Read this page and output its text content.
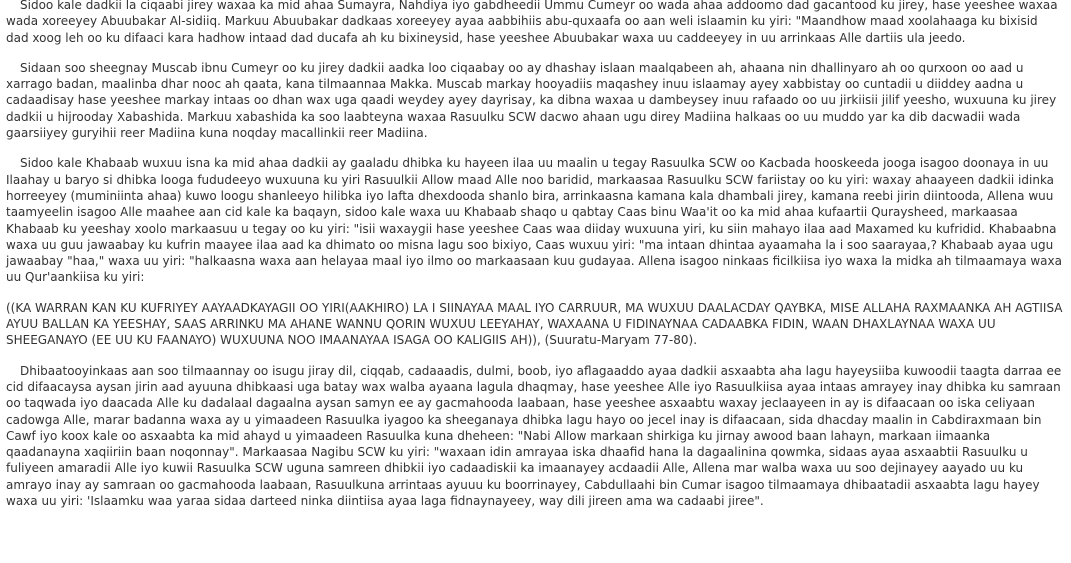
Sidoo kale dadkii la ciqaabi jirey waxaa ka mid ahaa Sumayra, Nahdiya iyo gabdheedii Ummu Cumeyr oo wada ahaa addoomo dad gacantood ku jirey, hase yeeshee waxaa wada xoreeyey Abuubakar Al-sidiiq. Markuu Abuubakar dadkaas xoreeyey ayaa aabbihiis abu-quxaafa oo aan weli islaamin ku yiri: "Maandhow maad xoolahaaga ku bixisid dad xoog leh oo ku difaaci kara hadhow intaad dad ducafa ah ku bixineysid, hase yeeshee Abuubakar waxa uu caddeeyey in uu arrinkaas Alle dartiis ula jeedo.

Sidaan soo sheegnay Muscab ibnu Cumeyr oo ku jirey dadkii aadka loo ciqaabay oo ay dhashay islaan maalqabeen ah, ahaana nin dhallinyaro ah oo qurxoon oo aad u xarrago badan, maalinba dhar nooc ah qaata, kana tilmaannaa Makka. Muscab markay hooyadiis maqashey inuu islaamay ayey xabbistay oo cuntadii u diiddey aadna u cadaadisay hase yeeshee markay intaas oo dhan wax uga qaadi weydey ayey dayrisay, ka dibna waxaa u dambeysey inuu rafaado oo uu jirkiisii jilif yeesho, wuxuuna ku jirey dadkii u hijrooday Xabashida. Markuu xabashida ka soo laabteyna waxaa Rasuulku SCW dacwo ahaan ugu direy Madiina halkaas oo uu muddo yar ka dib dacwadii wada gaarsiiyey guryihii reer Madiina kuna noqday macallinkii reer Madiina.

Sidoo kale Khabaab wuxuu isna ka mid ahaa dadkii ay gaaladu dhibka ku hayeen ilaa uu maalin u tegay Rasuulka SCW oo Kacbada hooskeeda jooga isagoo doonaya in uu Ilaahay u baryo si dhibka looga fududeeyo wuxuuna ku yiri Rasuulkii Allow maad Alle noo baridid, markaasaa Rasuulku SCW fariistay oo ku yiri: waxay ahaayeen dadkii idinka horreeyey (muminiinta ahaa) kuwo loogu shanleeyo hilibka iyo lafta dhexdooda shanlo bira, arrinkaasna kamana kala dhambali jirey, kamana reebi jirin diintooda, Allena wuu taamyeelin isagoo Alle maahee aan cid kale ka baqayn, sidoo kale waxa uu Khabaab shaqo u qabtay Caas binu Waa'it oo ka mid ahaa kufaartii Quraysheed, markaasaa Khabaab ku yeeshay xoolo markaasuu u tegay oo ku yiri: "isii waxaygii hase yeeshee Caas waa diiday wuxuuna yiri, ku siin mahayo ilaa aad Maxamed ku kufridid. Khabaabna waxa uu guu jawaabay ku kufrin maayee ilaa aad ka dhimato oo misna lagu soo bixiyo, Caas wuxuu yiri: "ma intaan dhintaa ayaamaha la i soo saarayaa,? Khabaab ayaa ugu jawaabay "haa," waxa uu yiri: "halkaasna waxa aan helayaa maal iyo ilmo oo markaasaan kuu gudayaa. Allena isagoo ninkaas ficilkiisa iyo waxa la midka ah tilmaamaya waxa uu Qur'aankiisa ku yiri:

((KA WARRAN KAN KU KUFRIYEY AAYAADKAYAGII OO YIRI(AAKHIRO) LA I SIINAYAA MAAL IYO CARRUUR, MA WUXUU DAALACDAY QAYBKA, MISE ALLAHA RAXMAANKA AH AGTIISA AYUU BALLAN KA YEESHAY, SAAS ARRINKU MA AHANE WANNU QORIN WUXUU LEEYAHAY, WAXAANA U FIDINAYNAA CADAABKA FIDIN, WAAN DHAXLAYNAA WAXA UU SHEEGANAYO (EE UU KU FAANAYO) WUXUUNA NOO IMAANAYAA ISAGA OO KALIGIIS AH)), (Suuratu-Maryam 77-80).

Dhibaatooyinkaas aan soo tilmaannay oo isugu jiray dil, ciqqab, cadaaadis, dulmi, boob, iyo aflagaaddo ayaa dadkii asxaabta aha lagu hayeysiiba kuwoodii taagta darraa ee cid difaacaysa aysan jirin aad ayuuna dhibkaasi uga batay wax walba ayaana lagula dhaqmay, hase yeeshee Alle iyo Rasuulkiisa ayaa intaas amrayey inay dhibka ku samraan oo taqwada iyo daacada Alle ku dadalaal dagaalna aysan samyn ee ay gacmahooda laabaan, hase yeeshee asxaabtu waxay jeclaayeen in ay is difaacaan oo iska celiyaan cadowga Alle, marar badanna waxa ay u yimaadeen Rasuulka iyagoo ka sheeganaya dhibka lagu hayo oo jecel inay is difaacaan, sida dhacday maalin in Cabdiraxmaan bin Cawf iyo koox kale oo asxaabta ka mid ahayd u yimaadeen Rasuulka kuna dheheen: "Nabi Allow markaan shirkiga ku jirnay awood baan lahayn, markaan iimaanka qaadanayna xaqiiriin baan noqonnay". Markaasaa Nagibu SCW ku yiri: "waxaan idin amrayaa iska dhaafid hana la dagaalinina qowmka, sidaas ayaa asxaabtii Rasuulku u fuliyeen amaradii Alle iyo kuwii Rasuulka SCW uguna samreen dhibkii iyo cadaadiskii ka imaanayey acdaadii Alle, Allena mar walba waxa uu soo dejinayey aayado uu ku amrayo inay ay samraan oo gacmahooda laabaan, Rasuulkuna arrintaas ayuuu ku boorrinayey, Cabdullaahi bin Cumar isagoo tilmaamaya dhibaatadii asxaabta lagu hayey waxa uu yiri: 'Islaamku waa yaraa sidaa darteed ninka diintiisa ayaa laga fidnaynayeey, way dili jireen ama wa cadaabi jiree".
